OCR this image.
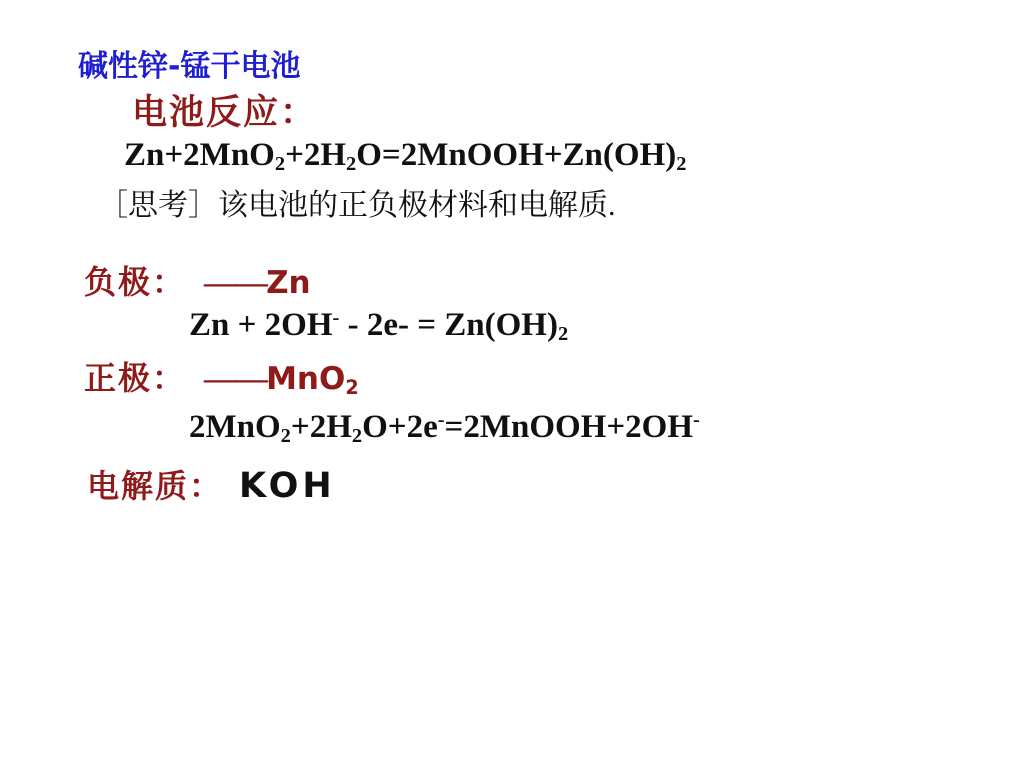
碱性锌-锰干电池
电池反应：
$Zn+2MnO_2+2H_2O=2MnOOH+Zn(OH)_2$
［思考］该电池的正负极材料和电解质.
负极： —— Zn
$Zn + 2OH^- - 2e- = Zn(OH)_2$
正极： —— MnO$_2$
$2MnO_2+2H_2O+2e^-=2MnOOH+2OH^-$
电解质： KOH
